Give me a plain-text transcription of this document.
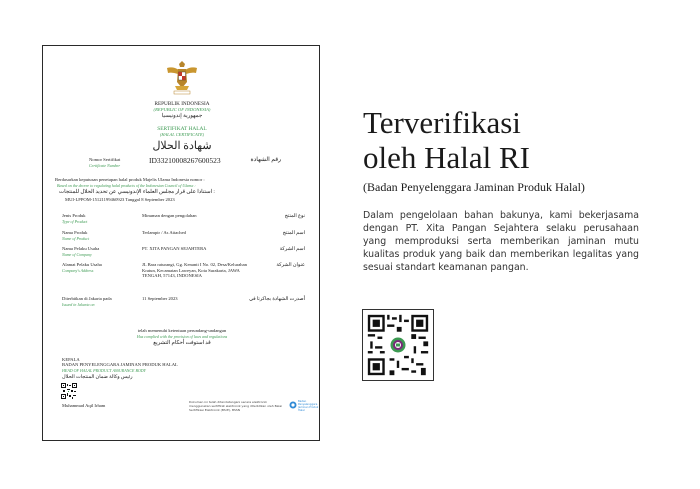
REPUBLIK INDONESIA
(REPUBLIC OF INDONESIA)
جمهورية إندونيسيا
SERTIFIKAT HALAL
(HALAL CERTIFICATE)
شهادة الحلال
Nomor Sertifikat
Certificate Number
ID33210008267600523	رقم الشهادة
Berdasarkan keputusan penetapan halal produk Majelis Ulama Indonesia nomor :
Based on the decree to regulating halal products of the Indonesian Council of Ulama :
استنادا على قرار مجلس العلماء الإندونيسي عن تحديد الحلال للمنتجات :
MUI-LPPOM-15121199460923 Tanggal 8 September 2023
Jenis Produk
Type of Product
Minuman dengan pengolahan	نوع المنتج
Nama Produk
Name of Product
Terlampir / As Attached	اسم المنتج
Nama Pelaku Usaha
Name of Company
PT. XITA PANGAN SEJAHTERA	اسم الشركة
Alamat Pelaku Usaha
Company's Address
JL Bara raturangi, Gg. Kenanti I No. 02, Desa/Kelurahan Kratun, Kecamatan Laweyan, Kota Surakarta, JAWA TENGAH, 57143, INDONESIA
عنوان الشركة
Diterbitkan di Jakarta pada
Issued in Jakarta on
11 September 2023	أصدرت الشهادة بجاكرتا في
telah memenuhi ketentuan perundang-undangan
Has complied with the provision of laws and regulations
قد استوفت أحكام التشريع
KEPALA
BADAN PENYELENGGARA JAMINAN PRODUK HALAL
HEAD OF HALAL PRODUCT ASSURANCE BODY
رئيس وكالة ضمان المنتجات الحلال
Muhammad Aqil Irham
Dokumen ini telah ditandatangani secara elektronik menggunakan sertifikat elektronik yang diterbitkan oleh Balai Sertifikasi Elektronik (BSrE), BSSN
Badan Penyelenggara Jaminan Produk Halal
Terverifikasi
oleh Halal RI
(Badan Penyelenggara Jaminan Produk Halal)
Dalam pengelolaan bahan bakunya, kami bekerjasama dengan PT. Xita Pangan Sejahtera selaku perusahaan yang memproduksi serta memberikan jaminan mutu kualitas produk yang baik dan memberikan legalitas yang sesuai standart keamanan pangan.
